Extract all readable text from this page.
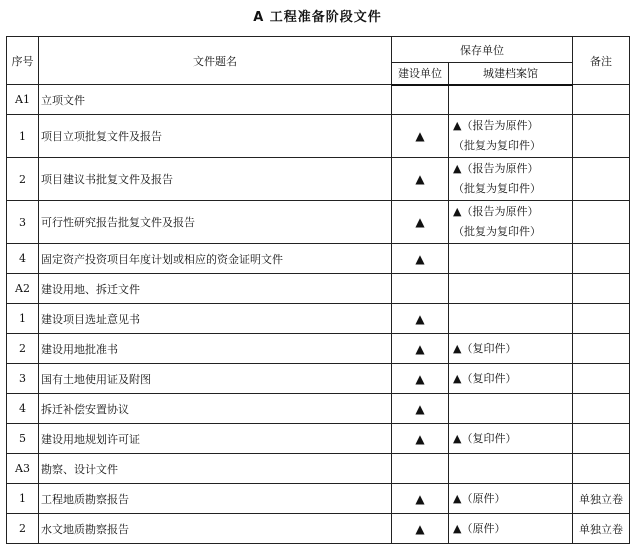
A 工程准备阶段文件
序号	文件题名	保存单位		备注
		建设单位	城建档案馆	
A1	立项文件		

1	项目立项批复文件及报告	▲	▲（报告为原件）
（批复为复印件）	

2	项目建议书批复文件及报告	▲	▲（报告为原件）
（批复为复印件）	

3	可行性研究报告批复文件及报告	▲	▲（报告为原件）
（批复为复印件）	

4	固定资产投资项目年度计划或相应的资金证明文件	▲	

A2	建设用地、拆迁文件		

1	建设项目选址意见书	▲	

2	建设用地批准书	▲	▲（复印件）	

3	国有土地使用证及附图	▲	▲（复印件）	

4	拆迁补偿安置协议	▲	

5	建设用地规划许可证	▲	▲（复印件）	

A3	勘察、设计文件		

1	工程地质勘察报告	▲	▲（原件）	单独立卷
2	水文地质勘察报告	▲	▲（原件）	单独立卷
